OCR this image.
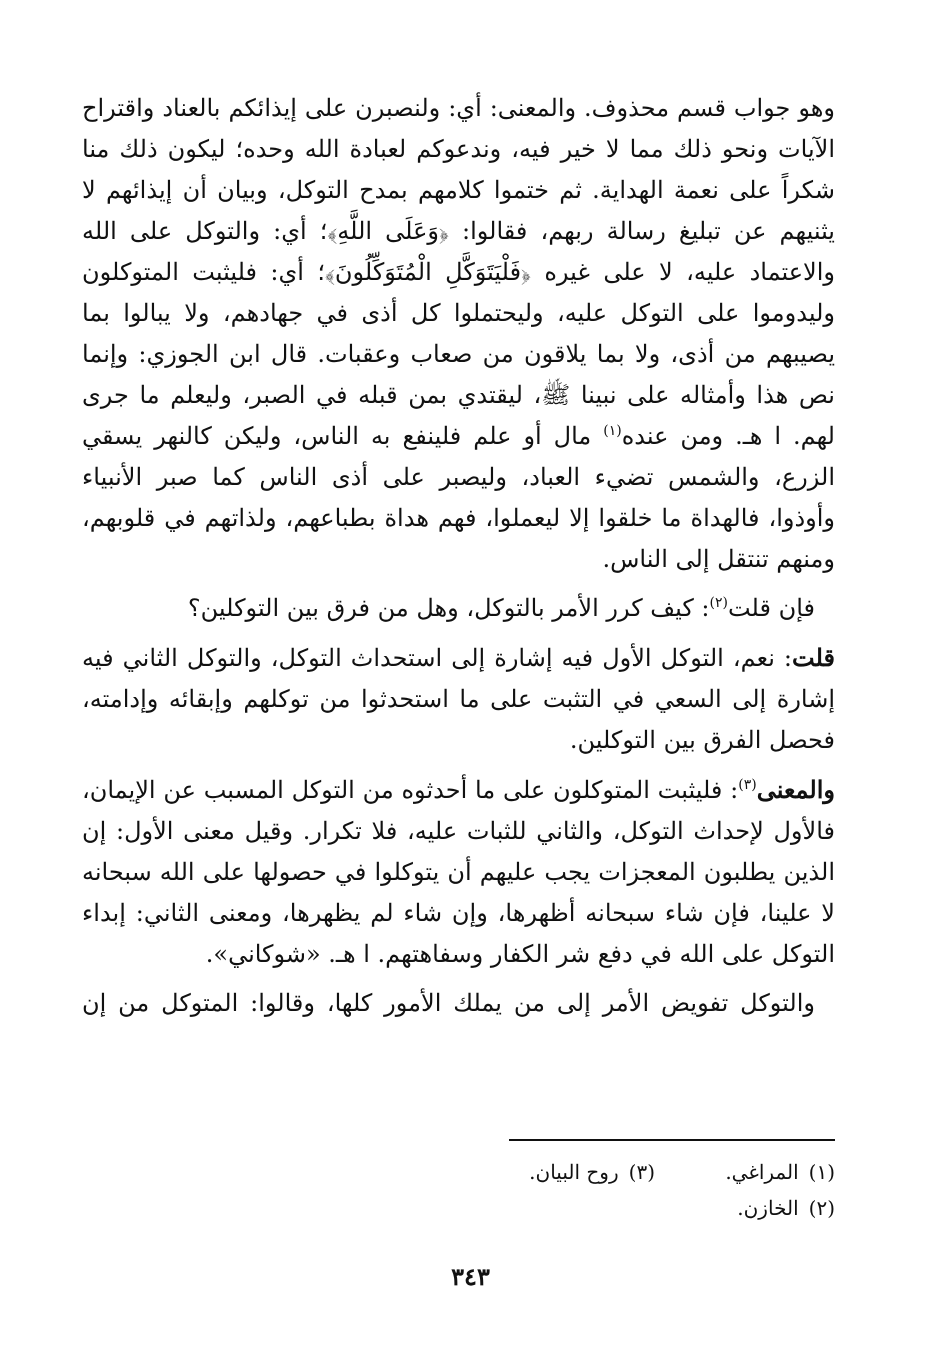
وهو جواب قسم محذوف. والمعنى: أي: ولنصبرن على إيذائكم بالعناد واقتراح الآيات ونحو ذلك مما لا خير فيه، وندعوكم لعبادة الله وحده؛ ليكون ذلك منا شكراً على نعمة الهداية. ثم ختموا كلامهم بمدح التوكل، وبيان أن إيذائهم لا يثنيهم عن تبليغ رسالة ربهم، فقالوا: ﴿وَعَلَى اللَّهِ﴾؛ أي: والتوكل على الله والاعتماد عليه، لا على غيره ﴿فَلْيَتَوَكَّلِ الْمُتَوَكِّلُونَ﴾؛ أي: فليثبت المتوكلون وليدوموا على التوكل عليه، وليحتملوا كل أذى في جهادهم، ولا يبالوا بما يصيبهم من أذى، ولا بما يلاقون من صعاب وعقبات. قال ابن الجوزي: وإنما نص هذا وأمثاله على نبينا ﷺ، ليقتدي بمن قبله في الصبر، وليعلم ما جرى لهم. ا هـ. ومن عنده$^{(١)}$ مال أو علم فلينفع به الناس، وليكن كالنهر يسقي الزرع، والشمس تضيء العباد، وليصبر على أذى الناس كما صبر الأنبياء وأوذوا، فالهداة ما خلقوا إلا ليعملوا، فهم هداة بطباعهم، ولذاتهم في قلوبهم، ومنهم تنتقل إلى الناس.

فإن قلت$^{(٢)}$: كيف كرر الأمر بالتوكل، وهل من فرق بين التوكلين؟

قلت: نعم، التوكل الأول فيه إشارة إلى استحداث التوكل، والتوكل الثاني فيه إشارة إلى السعي في التثبت على ما استحدثوا من توكلهم وإبقائه وإدامته، فحصل الفرق بين التوكلين.

والمعنى$^{(٣)}$: فليثبت المتوكلون على ما أحدثوه من التوكل المسبب عن الإيمان، فالأول لإحداث التوكل، والثاني للثبات عليه، فلا تكرار. وقيل معنى الأول: إن الذين يطلبون المعجزات يجب عليهم أن يتوكلوا في حصولها على الله سبحانه لا علينا، فإن شاء سبحانه أظهرها، وإن شاء لم يظهرها، ومعنى الثاني: إبداء التوكل على الله في دفع شر الكفار وسفاهتهم. ا هـ. «شوكاني».

والتوكل تفويض الأمر إلى من يملك الأمور كلها، وقالوا: المتوكل من إن

(١)المراغي.
(٣)روح البيان.
(٢)الخازن.
٣٤٣
